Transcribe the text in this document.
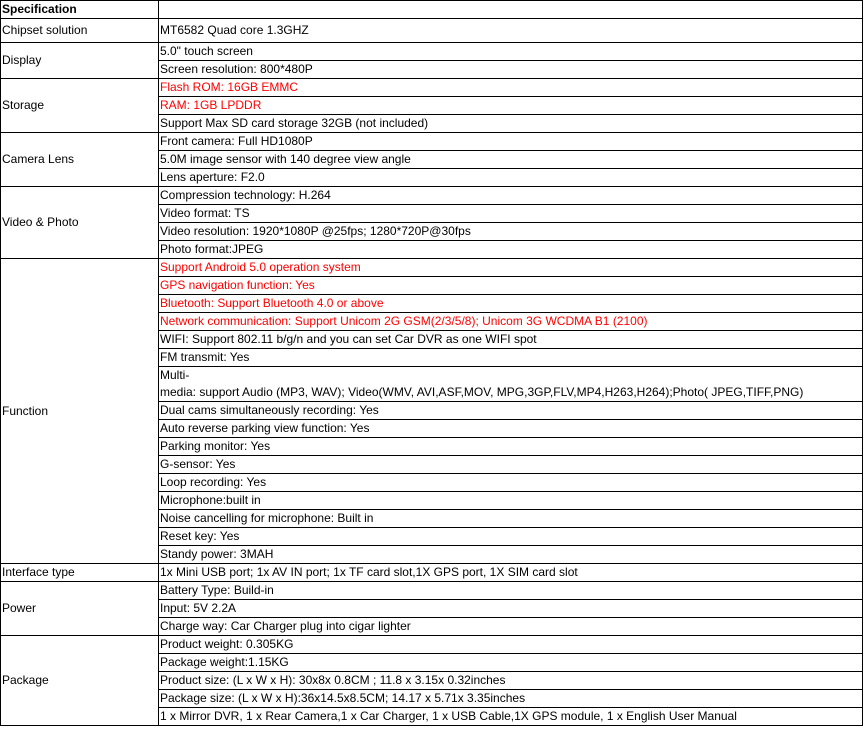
Specification	
Chipset solution	MT6582 Quad core 1.3GHZ
Display	5.0" touch screen
	Screen resolution: 800*480P
Storage	Flash ROM: 16GB EMMC
	RAM: 1GB LPDDR
	Support Max SD card storage 32GB (not included)
Camera Lens	Front camera: Full HD1080P
	5.0M image sensor with 140 degree view angle
	Lens aperture: F2.0
Video & Photo	Compression technology: H.264
	Video format: TS
	Video resolution: 1920*1080P @25fps; 1280*720P@30fps
	Photo format:JPEG
Function	Support Android 5.0 operation system
	GPS navigation function: Yes
	Bluetooth: Support Bluetooth 4.0 or above
	Network communication: Support Unicom 2G GSM(2/3/5/8); Unicom 3G WCDMA B1 (2100)
	WIFI: Support 802.11 b/g/n and you can set Car DVR as one WIFI spot
	FM transmit: Yes

	Multi-
media: support Audio (MP3, WAV); Video(WMV, AVI,ASF,MOV, MPG,3GP,FLV,MP4,H263,H264);Photo( JPEG,TIFF,PNG)

	Dual cams simultaneously recording: Yes
	Auto reverse parking view function: Yes
	Parking monitor: Yes
	G-sensor: Yes
	Loop recording: Yes
	Microphone:built in
	Noise cancelling for microphone: Built in
	Reset key: Yes
	Standy power: 3MAH
Interface type	1x Mini USB port; 1x AV IN port; 1x TF card slot,1X GPS port, 1X SIM card slot
Power	Battery Type: Build-in
	Input: 5V 2.2A
	Charge way: Car Charger plug into cigar lighter
Package	Product weight: 0.305KG
	Package weight:1.15KG
	Product size: (L x W x H): 30x8x 0.8CM ; 11.8 x 3.15x 0.32inches
	Package size: (L x W x H):36x14.5x8.5CM; 14.17 x 5.71x 3.35inches
	1 x Mirror DVR, 1 x Rear Camera,1 x Car Charger, 1 x USB Cable,1X GPS module, 1 x English User Manual
